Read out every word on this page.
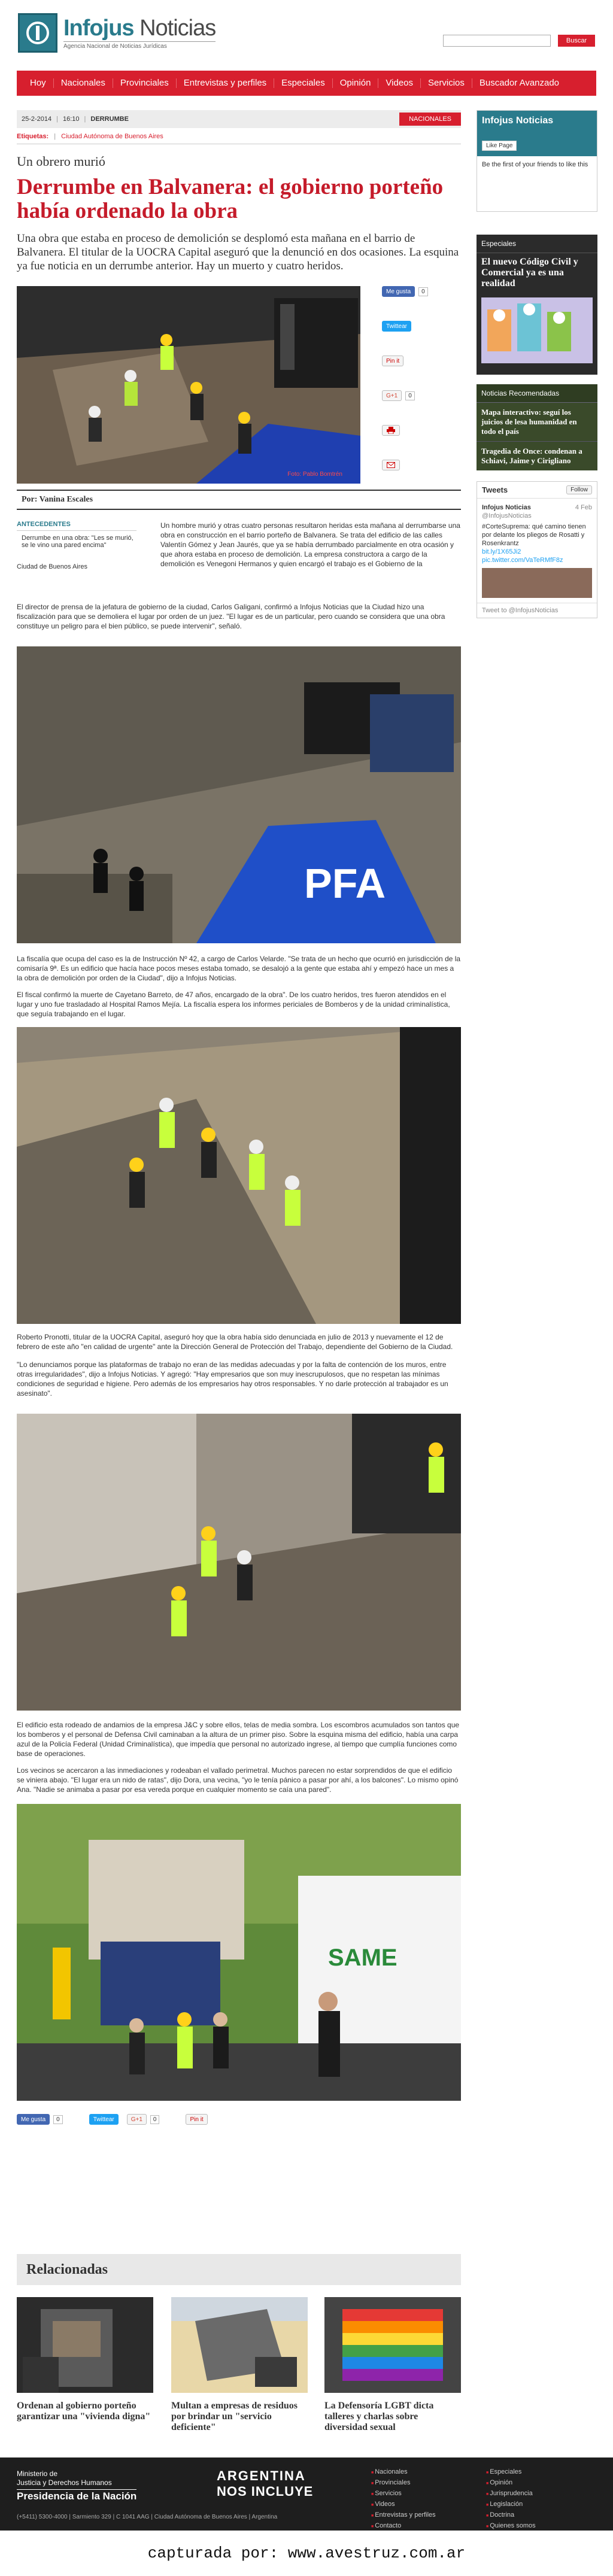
Infojus Noticias
Agencia Nacional de Noticias Jurídicas
Buscar
Hoy	Nacionales	Provinciales	Entrevistas y perfiles	Especiales	Opinión	Videos	Servicios	Buscador Avanzado
25-2-2014 | 16:10 | DERRUMBE	NACIONALES
Etiquetas: | Ciudad Autónoma de Buenos Aires
Un obrero murió
Derrumbe en Balvanera: el gobierno porteño había ordenado la obra
Una obra que estaba en proceso de demolición se desplomó esta mañana en el barrio de Balvanera. El titular de la UOCRA Capital aseguró que la denunció en dos ocasiones. La esquina ya fue noticia en un derrumbe anterior. Hay un muerto y cuatro heridos.
Foto: Pablo Bomtrén
Me gusta 0
Twittear
Pin it
G+1 0
Por: Vanina Escales
ANTECEDENTES
Derrumbe en una obra: "Les se murió, se le vino una pared encima"
Ciudad de Buenos Aires
Un hombre murió y otras cuatro personas resultaron heridas esta mañana al derrumbarse una obra en construcción en el barrio porteño de Balvanera. Se trata del edificio de las calles Valentín Gómez y Jean Jaurés, que ya se había derrumbado parcialmente en otra ocasión y que ahora estaba en proceso de demolición. La empresa constructora a cargo de la demolición es Venegoni Hermanos y quien encargó el trabajo es el Gobierno de la
El director de prensa de la jefatura de gobierno de la ciudad, Carlos Galigani, confirmó a Infojus Noticias que la Ciudad hizo una fiscalización para que se demoliera el lugar por orden de un juez. "El lugar es de un particular, pero cuando se considera que una obra constituye un peligro para el bien público, se puede intervenir", señaló.
PFA
La fiscalía que ocupa del caso es la de Instrucción Nº 42, a cargo de Carlos Velarde. "Se trata de un hecho que ocurrió en jurisdicción de la comisaría 9ª. Es un edificio que hacía hace pocos meses estaba tomado, se desalojó a la gente que estaba ahí y empezó hace un mes a la obra de demolición por orden de la Ciudad", dijo a Infojus Noticias.
El fiscal confirmó la muerte de Cayetano Barreto, de 47 años, encargado de la obra". De los cuatro heridos, tres fueron atendidos en el lugar y uno fue trasladado al Hospital Ramos Mejía. La fiscalía espera los informes periciales de Bomberos y de la unidad criminalística, que seguía trabajando en el lugar.
Roberto Pronotti, titular de la UOCRA Capital, aseguró hoy que la obra había sido denunciada en julio de 2013 y nuevamente el 12 de febrero de este año "en calidad de urgente" ante la Dirección General de Protección del Trabajo, dependiente del Gobierno de la Ciudad.
"Lo denunciamos porque las plataformas de trabajo no eran de las medidas adecuadas y por la falta de contención de los muros, entre otras irregularidades", dijo a Infojus Noticias. Y agregó: "Hay empresarios que son muy inescrupulosos, que no respetan las mínimas condiciones de seguridad e higiene. Pero además de los empresarios hay otros responsables. Y no darle protección al trabajador es un asesinato".
El edificio esta rodeado de andamios de la empresa J&C y sobre ellos, telas de media sombra. Los escombros acumulados son tantos que los bomberos y el personal de Defensa Civil caminaban a la altura de un primer piso. Sobre la esquina misma del edificio, había una carpa azul de la Policía Federal (Unidad Criminalística), que impedía que personal no autorizado ingrese, al tiempo que cumplía funciones como base de operaciones.
Los vecinos se acercaron a las inmediaciones y rodeaban el vallado perimetral. Muchos parecen no estar sorprendidos de que el edificio se viniera abajo. "El lugar era un nido de ratas", dijo Dora, una vecina, "yo le tenía pánico a pasar por ahí, a los balcones". Lo mismo opinó Ana. "Nadie se animaba a pasar por esa vereda porque en cualquier momento se caía una pared".
SAME
Me gusta 0	Twittear	G+1 0	Pin it
Infojus Noticias
Like Page
Be the first of your friends to like this
Especiales
El nuevo Código Civil y Comercial ya es una realidad
Noticias Recomendadas
Mapa interactivo: seguí los juicios de lesa humanidad en todo el país
Tragedia de Once: condenan a Schiavi, Jaime y Cirigliano
Tweets	Follow
Infojus Noticias	4 Feb
@InfojusNoticias
#CorteSuprema: qué camino tienen por delante los pliegos de Rosatti y Rosenkrantz
bit.ly/1X65Ji2 pic.twitter.com/VaTeRMfF8z
Tweet to @InfojusNoticias
Relacionadas
Ordenan al gobierno porteño garantizar una "vivienda digna"
Multan a empresas de residuos por brindar un "servicio deficiente"
La Defensoría LGBT dicta talleres y charlas sobre diversidad sexual
Ministerio de
Justicia y Derechos Humanos
Presidencia de la Nación
ARGENTINA
NOS INCLUYE
(+5411) 5300-4000 | Sarmiento 329 | C 1041 AAG | Ciudad Autónoma de Buenos Aires | Argentina
■ Nacionales
■ Provinciales
■ Servicios
■ Videos
■ Entrevistas y perfiles
■ Contacto
■ Especiales
■ Opinión
■ Jurisprudencia
■ Legislación
■ Doctrina
■ Quienes somos
capturada por: www.avestruz.com.ar
